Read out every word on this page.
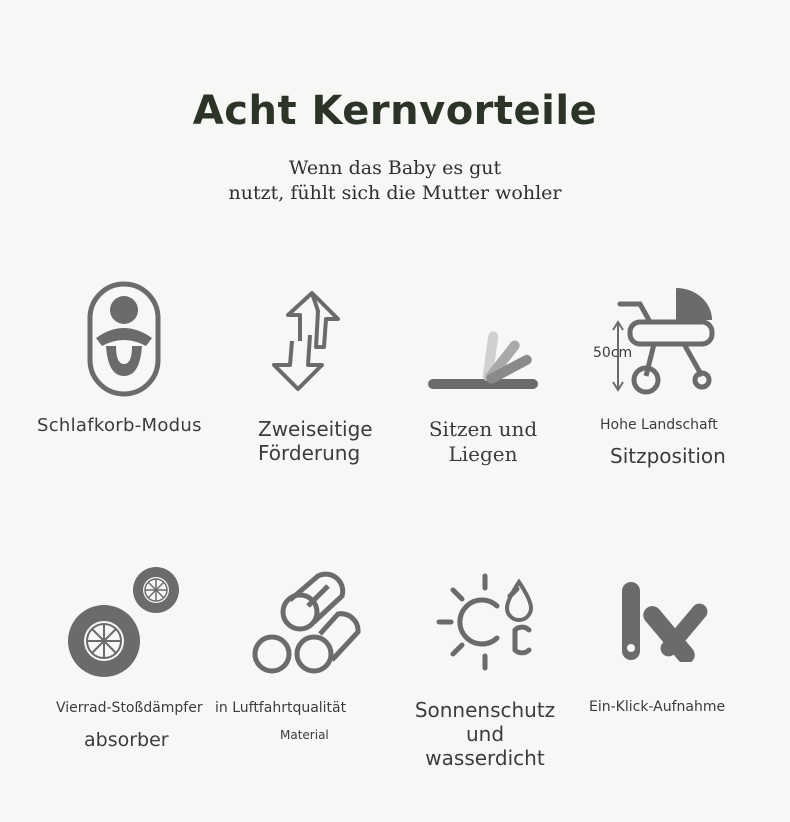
Acht Kernvorteile
Wenn das Baby es gut
nutzt, fühlt sich die Mutter wohler
50cm
Schlafkorb-Modus	Zweiseitige
Förderung
Sitzen und
Liegen
Hohe Landschaft
Sitzposition
Vierrad-Stoßdämpfer
absorber
in Luftfahrtqualität
Material
Sonnenschutz
und
wasserdicht
Ein-Klick-Aufnahme
